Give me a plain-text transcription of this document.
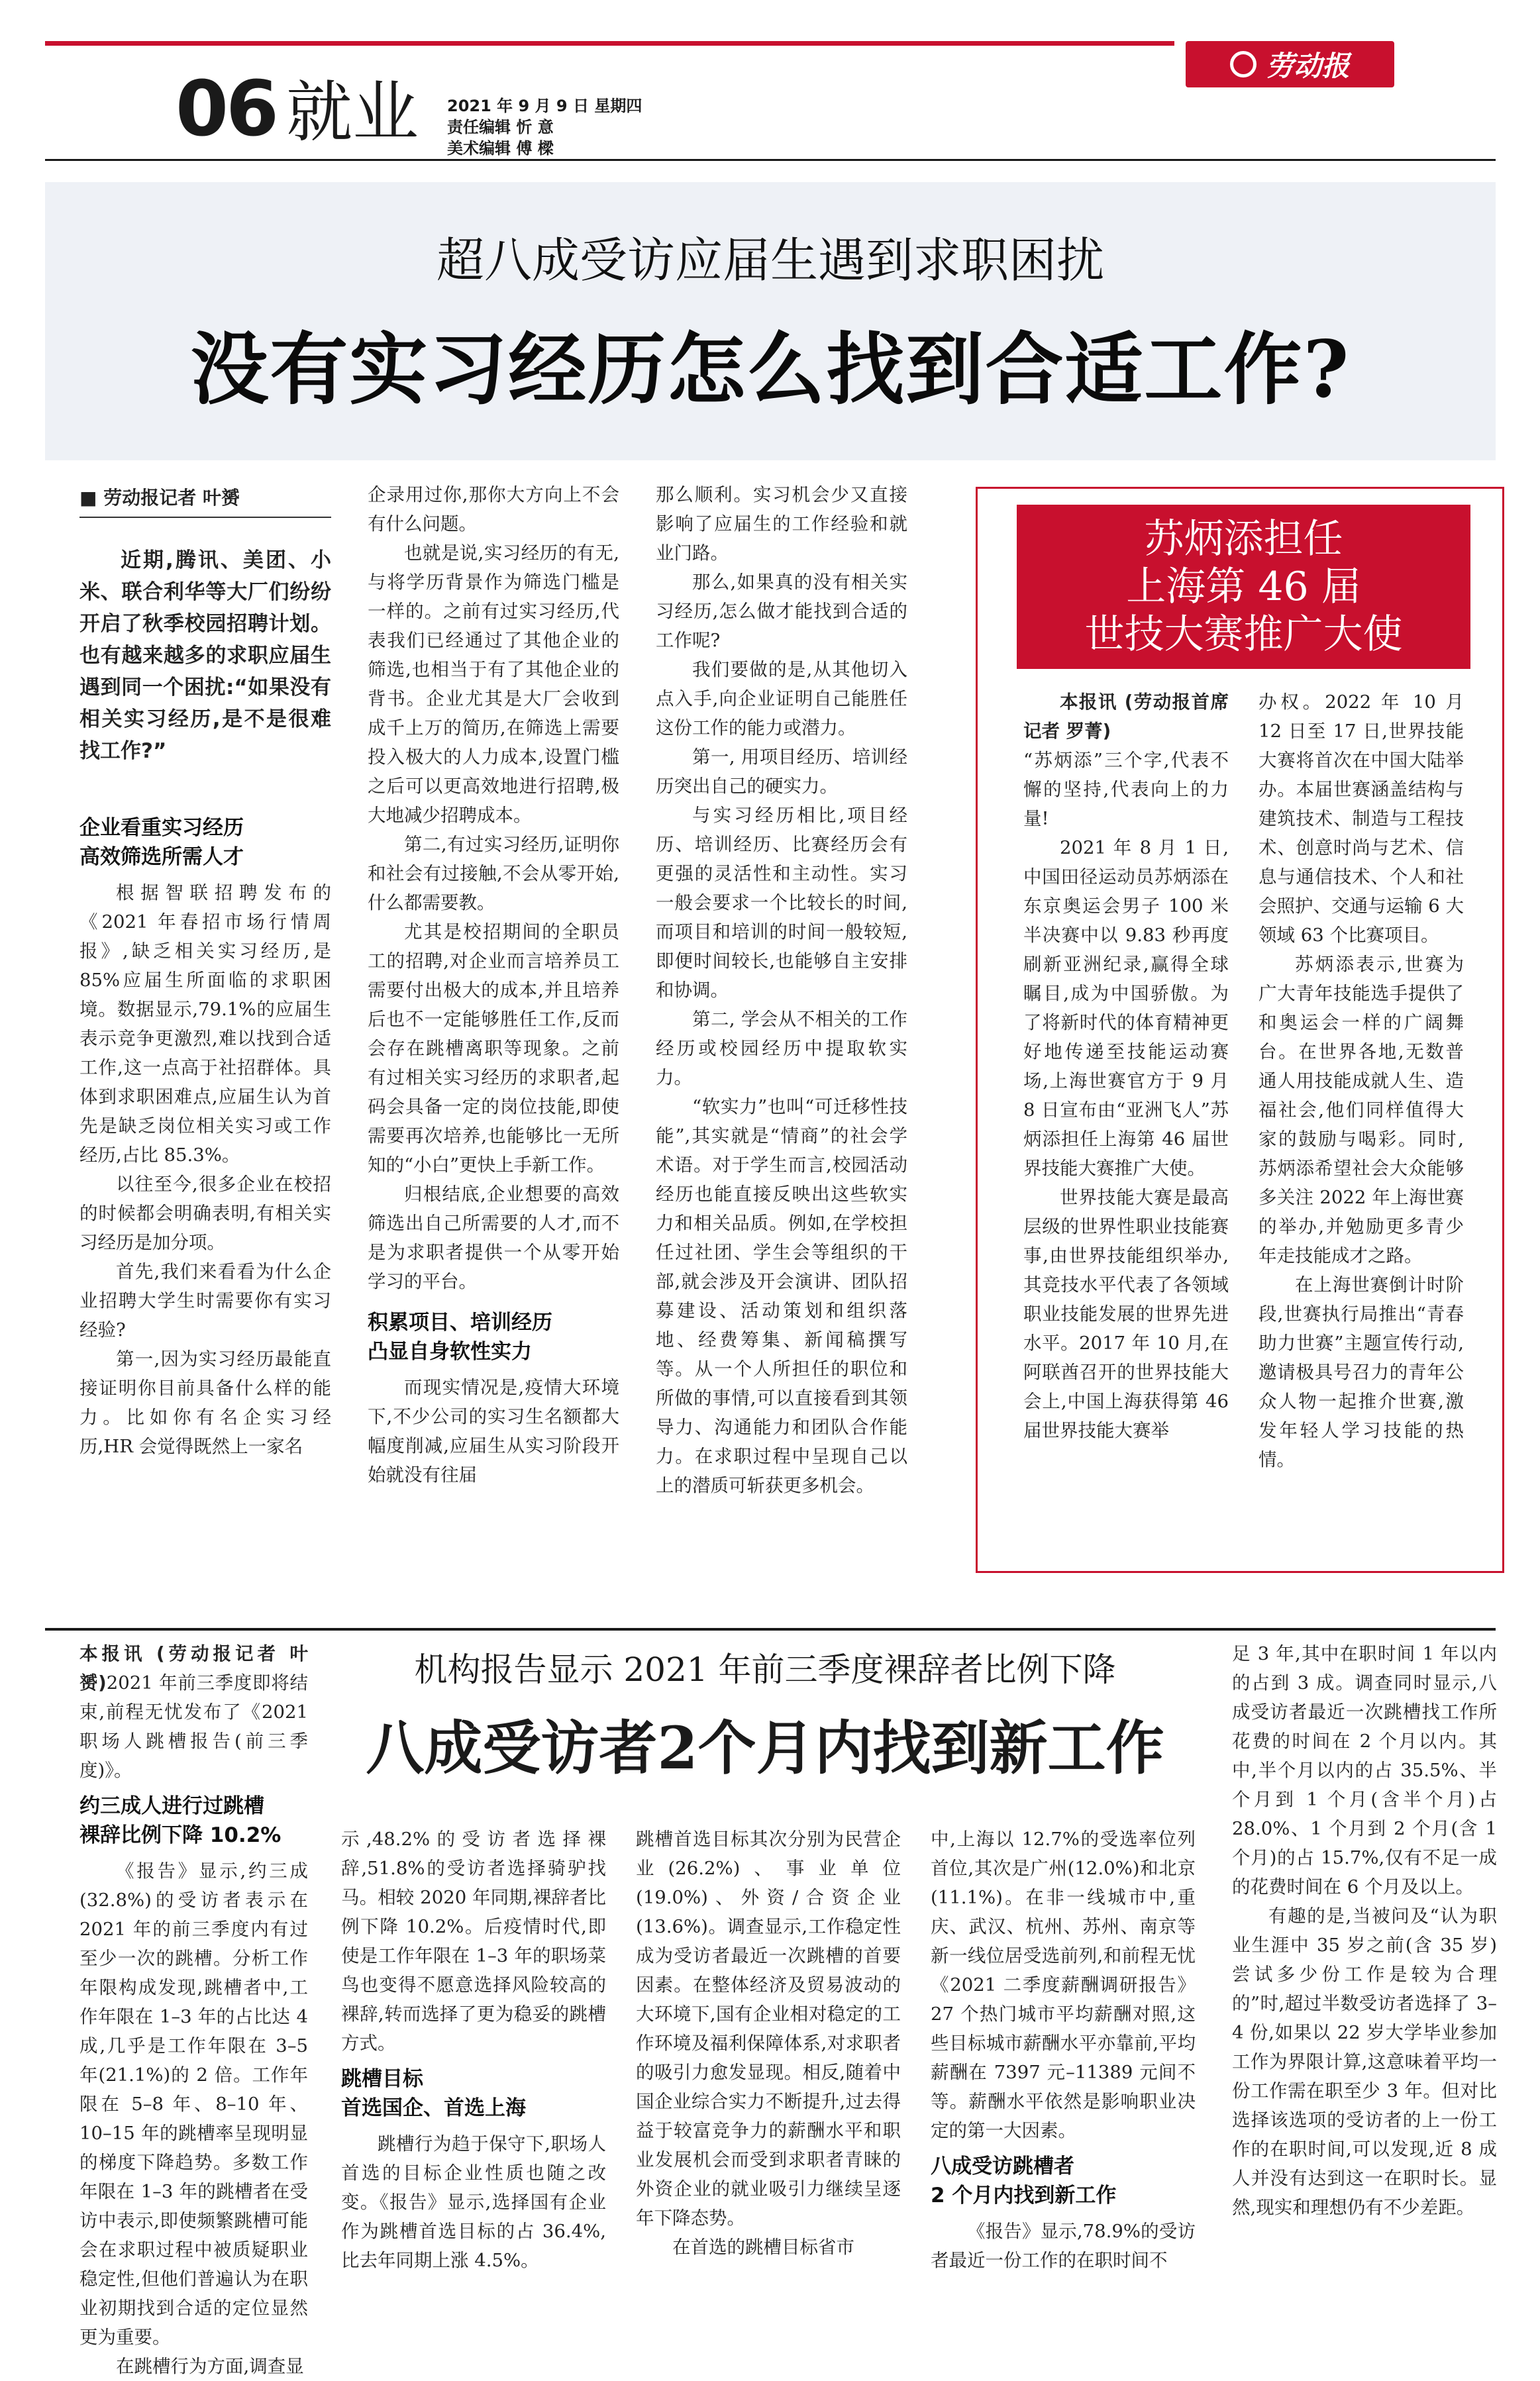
劳动报
06 就业 2021 年 9 月 9 日 星期四
责任编辑 忻 意
美术编辑 傅 樑
超八成受访应届生遇到求职困扰
没有实习经历怎么找到合适工作?

■ 劳动报记者 叶赟

近期,腾讯、美团、小米、联合利华等大厂们纷纷开启了秋季校园招聘计划。也有越来越多的求职应届生遇到同一个困扰:“如果没有相关实习经历,是不是很难找工作?”

企业看重实习经历
高效筛选所需人才

根据智联招聘发布的《2021 年春招市场行情周报》,缺乏相关实习经历,是 85%应届生所面临的求职困境。数据显示,79.1%的应届生表示竞争更激烈,难以找到合适工作,这一点高于社招群体。具体到求职困难点,应届生认为首先是缺乏岗位相关实习或工作经历,占比 85.3%。

以往至今,很多企业在校招的时候都会明确表明,有相关实习经历是加分项。

首先,我们来看看为什么企业招聘大学生时需要你有实习经验?

第一,因为实习经历最能直接证明你目前具备什么样的能力。比如你有名企实习经历,HR 会觉得既然上一家名

企录用过你,那你大方向上不会有什么问题。

也就是说,实习经历的有无,与将学历背景作为筛选门槛是一样的。之前有过实习经历,代表我们已经通过了其他企业的筛选,也相当于有了其他企业的背书。企业尤其是大厂会收到成千上万的简历,在筛选上需要投入极大的人力成本,设置门槛之后可以更高效地进行招聘,极大地减少招聘成本。

第二,有过实习经历,证明你和社会有过接触,不会从零开始,什么都需要教。

尤其是校招期间的全职员工的招聘,对企业而言培养员工需要付出极大的成本,并且培养后也不一定能够胜任工作,反而会存在跳槽离职等现象。之前有过相关实习经历的求职者,起码会具备一定的岗位技能,即使需要再次培养,也能够比一无所知的“小白”更快上手新工作。

归根结底,企业想要的高效筛选出自己所需要的人才,而不是为求职者提供一个从零开始学习的平台。

积累项目、培训经历
凸显自身软性实力

而现实情况是,疫情大环境下,不少公司的实习生名额都大幅度削减,应届生从实习阶段开始就没有往届

那么顺利。实习机会少又直接影响了应届生的工作经验和就业门路。

那么,如果真的没有相关实习经历,怎么做才能找到合适的工作呢?

我们要做的是,从其他切入点入手,向企业证明自己能胜任这份工作的能力或潜力。

第一, 用项目经历、培训经历突出自己的硬实力。

与实习经历相比,项目经历、培训经历、比赛经历会有更强的灵活性和主动性。实习一般会要求一个比较长的时间,而项目和培训的时间一般较短,即便时间较长,也能够自主安排和协调。

第二, 学会从不相关的工作经历或校园经历中提取软实力。

“软实力”也叫“可迁移性技能”,其实就是“情商”的社会学术语。对于学生而言,校园活动经历也能直接反映出这些软实力和相关品质。例如,在学校担任过社团、学生会等组织的干部,就会涉及开会演讲、团队招募建设、活动策划和组织落地、经费筹集、新闻稿撰写等。从一个人所担任的职位和所做的事情,可以直接看到其领导力、沟通能力和团队合作能力。在求职过程中呈现自己以上的潜质可斩获更多机会。

苏炳添担任
上海第 46 届
世技大赛推广大使

本报讯 (劳动报首席记者 罗菁)

“苏炳添”三个字,代表不懈的坚持,代表向上的力量!

2021 年 8 月 1 日,中国田径运动员苏炳添在东京奥运会男子 100 米半决赛中以 9.83 秒再度刷新亚洲纪录,赢得全球瞩目,成为中国骄傲。为了将新时代的体育精神更好地传递至技能运动赛场,上海世赛官方于 9 月 8 日宣布由“亚洲飞人”苏炳添担任上海第 46 届世界技能大赛推广大使。

世界技能大赛是最高层级的世界性职业技能赛事,由世界技能组织举办,其竞技水平代表了各领域职业技能发展的世界先进水平。2017 年 10 月,在阿联酋召开的世界技能大会上,中国上海获得第 46 届世界技能大赛举

办权。2022 年 10 月 12 日至 17 日,世界技能大赛将首次在中国大陆举办。本届世赛涵盖结构与建筑技术、制造与工程技术、创意时尚与艺术、信息与通信技术、个人和社会照护、交通与运输 6 大领域 63 个比赛项目。

苏炳添表示,世赛为广大青年技能选手提供了和奥运会一样的广阔舞台。在世界各地,无数普通人用技能成就人生、造福社会,他们同样值得大家的鼓励与喝彩。同时,苏炳添希望社会大众能够多关注 2022 年上海世赛的举办,并勉励更多青少年走技能成才之路。

在上海世赛倒计时阶段,世赛执行局推出“青春助力世赛”主题宣传行动,邀请极具号召力的青年公众人物一起推介世赛,激发年轻人学习技能的热情。

本报讯 (劳动报记者 叶赟)2021 年前三季度即将结束,前程无忧发布了《2021 职场人跳槽报告(前三季度)》。

约三成人进行过跳槽
裸辞比例下降 10.2%

《报告》显示,约三成(32.8%)的受访者表示在 2021 年的前三季度内有过至少一次的跳槽。分析工作年限构成发现,跳槽者中,工作年限在 1–3 年的占比达 4 成,几乎是工作年限在 3–5 年(21.1%)的 2 倍。工作年限在 5–8 年、8–10 年、10–15 年的跳槽率呈现明显的梯度下降趋势。多数工作年限在 1–3 年的跳槽者在受访中表示,即使频繁跳槽可能会在求职过程中被质疑职业稳定性,但他们普遍认为在职业初期找到合适的定位显然更为重要。

在跳槽行为方面,调查显

机构报告显示 2021 年前三季度裸辞者比例下降
八成受访者2个月内找到新工作

示,48.2%的受访者选择裸辞,51.8%的受访者选择骑驴找马。相较 2020 年同期,裸辞者比例下降 10.2%。后疫情时代,即使是工作年限在 1–3 年的职场菜鸟也变得不愿意选择风险较高的裸辞,转而选择了更为稳妥的跳槽方式。

跳槽目标
首选国企、首选上海

跳槽行为趋于保守下,职场人首选的目标企业性质也随之改变。《报告》显示,选择国有企业作为跳槽首选目标的占 36.4%,比去年同期上涨 4.5%。

跳槽首选目标其次分别为民营企业(26.2%)、事业单位(19.0%)、外资/合资企业(13.6%)。调查显示,工作稳定性成为受访者最近一次跳槽的首要因素。在整体经济及贸易波动的大环境下,国有企业相对稳定的工作环境及福利保障体系,对求职者的吸引力愈发显现。相反,随着中国企业综合实力不断提升,过去得益于较富竞争力的薪酬水平和职业发展机会而受到求职者青睐的外资企业的就业吸引力继续呈逐年下降态势。

在首选的跳槽目标省市

中,上海以 12.7%的受选率位列首位,其次是广州(12.0%)和北京(11.1%)。在非一线城市中,重庆、武汉、杭州、苏州、南京等新一线位居受选前列,和前程无忧《2021 二季度薪酬调研报告》27 个热门城市平均薪酬对照,这些目标城市薪酬水平亦靠前,平均薪酬在 7397 元–11389 元间不等。薪酬水平依然是影响职业决定的第一大因素。

八成受访跳槽者
2 个月内找到新工作

《报告》显示,78.9%的受访者最近一份工作的在职时间不

足 3 年,其中在职时间 1 年以内的占到 3 成。调查同时显示,八成受访者最近一次跳槽找工作所花费的时间在 2 个月以内。其中,半个月以内的占 35.5%、半个月到 1 个月(含半个月)占 28.0%、1 个月到 2 个月(含 1 个月)的占 15.7%,仅有不足一成的花费时间在 6 个月及以上。

有趣的是,当被问及“认为职业生涯中 35 岁之前(含 35 岁)尝试多少份工作是较为合理的”时,超过半数受访者选择了 3–4 份,如果以 22 岁大学毕业参加工作为界限计算,这意味着平均一份工作需在职至少 3 年。但对比选择该选项的受访者的上一份工作的在职时间,可以发现,近 8 成人并没有达到这一在职时长。显然,现实和理想仍有不少差距。
